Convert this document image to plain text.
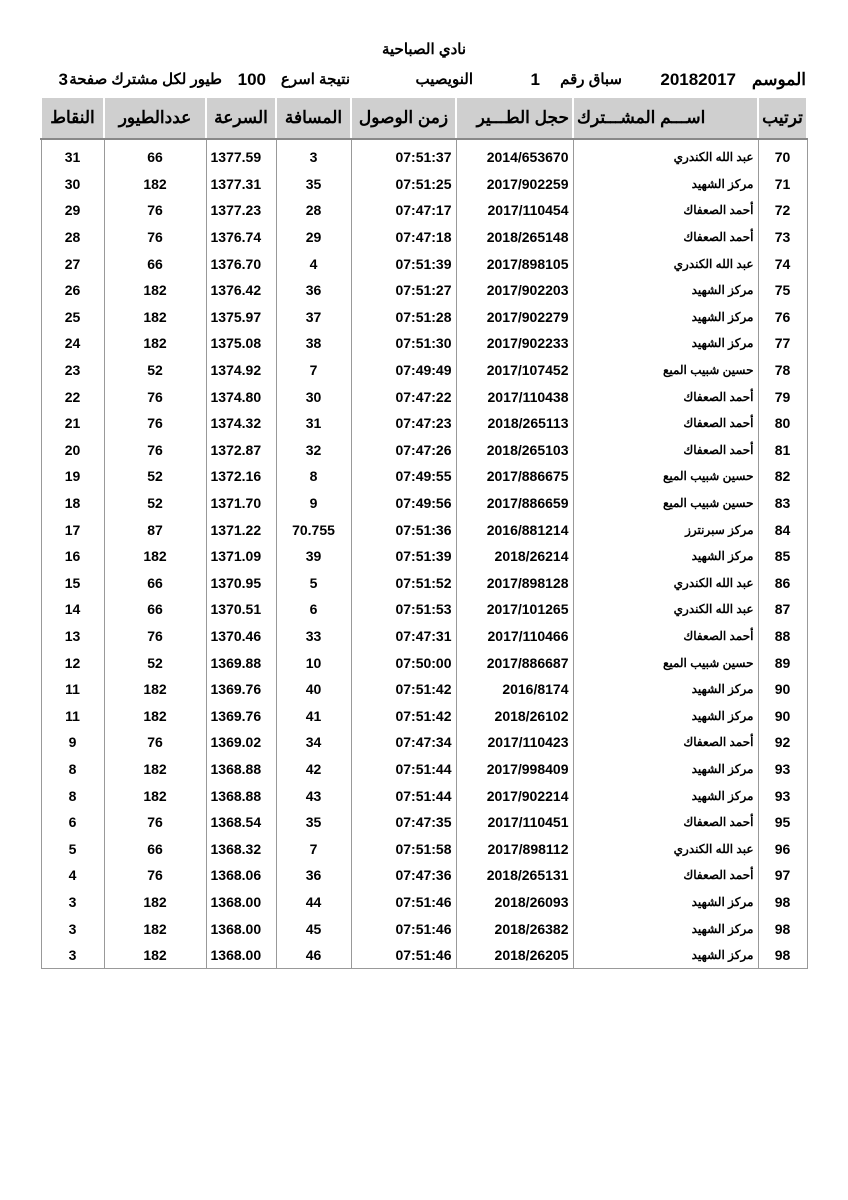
نادي الصباحية
الموسم
20182017
سباق رقم
1
النويصيب
نتيجة اسرع
100
طيور لكل مشترك صفحة
3
ترتيب	اســـم المشـــترك	حجل الطـــير	زمن الوصول	المسافة	السرعة	عددالطيور	النقاط
70	عبد الله الكندري	2014/653670	07:51:37	3	1377.59	66	31
71	مركز الشهيد	2017/902259	07:51:25	35	1377.31	182	30
72	أحمد الصعفاك	2017/110454	07:47:17	28	1377.23	76	29
73	أحمد الصعفاك	2018/265148	07:47:18	29	1376.74	76	28
74	عبد الله الكندري	2017/898105	07:51:39	4	1376.70	66	27
75	مركز الشهيد	2017/902203	07:51:27	36	1376.42	182	26
76	مركز الشهيد	2017/902279	07:51:28	37	1375.97	182	25
77	مركز الشهيد	2017/902233	07:51:30	38	1375.08	182	24
78	حسين شبيب الميع	2017/107452	07:49:49	7	1374.92	52	23
79	أحمد الصعفاك	2017/110438	07:47:22	30	1374.80	76	22
80	أحمد الصعفاك	2018/265113	07:47:23	31	1374.32	76	21
81	أحمد الصعفاك	2018/265103	07:47:26	32	1372.87	76	20
82	حسين شبيب الميع	2017/886675	07:49:55	8	1372.16	52	19
83	حسين شبيب الميع	2017/886659	07:49:56	9	1371.70	52	18
84	مركز سبرنترز	2016/881214	07:51:36	70.755	1371.22	87	17
85	مركز الشهيد	2018/26214	07:51:39	39	1371.09	182	16
86	عبد الله الكندري	2017/898128	07:51:52	5	1370.95	66	15
87	عبد الله الكندري	2017/101265	07:51:53	6	1370.51	66	14
88	أحمد الصعفاك	2017/110466	07:47:31	33	1370.46	76	13
89	حسين شبيب الميع	2017/886687	07:50:00	10	1369.88	52	12
90	مركز الشهيد	2016/8174	07:51:42	40	1369.76	182	11
90	مركز الشهيد	2018/26102	07:51:42	41	1369.76	182	11
92	أحمد الصعفاك	2017/110423	07:47:34	34	1369.02	76	9
93	مركز الشهيد	2017/998409	07:51:44	42	1368.88	182	8
93	مركز الشهيد	2017/902214	07:51:44	43	1368.88	182	8
95	أحمد الصعفاك	2017/110451	07:47:35	35	1368.54	76	6
96	عبد الله الكندري	2017/898112	07:51:58	7	1368.32	66	5
97	أحمد الصعفاك	2018/265131	07:47:36	36	1368.06	76	4
98	مركز الشهيد	2018/26093	07:51:46	44	1368.00	182	3
98	مركز الشهيد	2018/26382	07:51:46	45	1368.00	182	3
98	مركز الشهيد	2018/26205	07:51:46	46	1368.00	182	3
